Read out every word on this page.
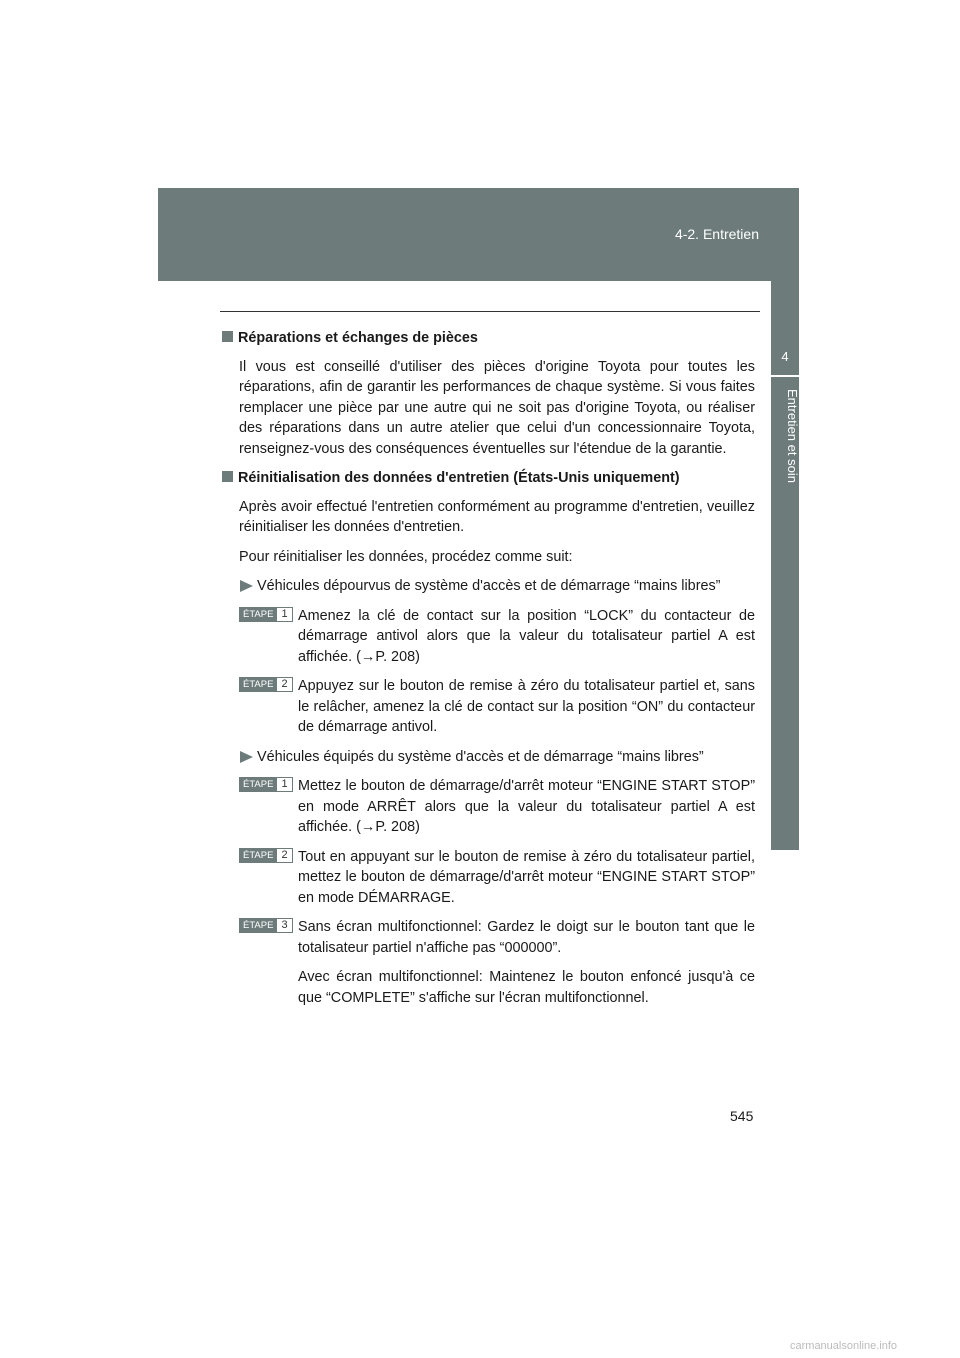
4-2. Entretien
4
Entretien et soin
Réparations et échanges de pièces

Il vous est conseillé d'utiliser des pièces d'origine Toyota pour toutes les réparations, afin de garantir les performances de chaque système. Si vous faites remplacer une pièce par une autre qui ne soit pas d'origine Toyota, ou réaliser des réparations dans un autre atelier que celui d'un concessionnaire Toyota, renseignez-vous des conséquences éventuelles sur l'étendue de la garantie.

Réinitialisation des données d'entretien (États-Unis uniquement)

Après avoir effectué l'entretien conformément au programme d'entretien, veuillez réinitialiser les données d'entretien.

Pour réinitialiser les données, procédez comme suit:

Véhicules dépourvus de système d'accès et de démarrage “mains libres”
ÉTAPE 1 Amenez la clé de contact sur la position “LOCK” du contacteur de démarrage antivol alors que la valeur du totalisateur partiel A est affichée. (→P. 208)
ÉTAPE 2 Appuyez sur le bouton de remise à zéro du totalisateur partiel et, sans le relâcher, amenez la clé de contact sur la position “ON” du contacteur de démarrage antivol.
Véhicules équipés du système d'accès et de démarrage “mains libres”
ÉTAPE 1 Mettez le bouton de démarrage/d'arrêt moteur “ENGINE START STOP” en mode ARRÊT alors que la valeur du totalisateur partiel A est affichée. (→P. 208)
ÉTAPE 2 Tout en appuyant sur le bouton de remise à zéro du totalisateur partiel, mettez le bouton de démarrage/d'arrêt moteur “ENGINE START STOP” en mode DÉMARRAGE.
ÉTAPE 3 Sans écran multifonctionnel: Gardez le doigt sur le bouton tant que le totalisateur partiel n'affiche pas “000000”.
Avec écran multifonctionnel: Maintenez le bouton enfoncé jusqu'à ce que “COMPLETE” s'affiche sur l'écran multifonctionnel.
545
carmanualsonline.info
